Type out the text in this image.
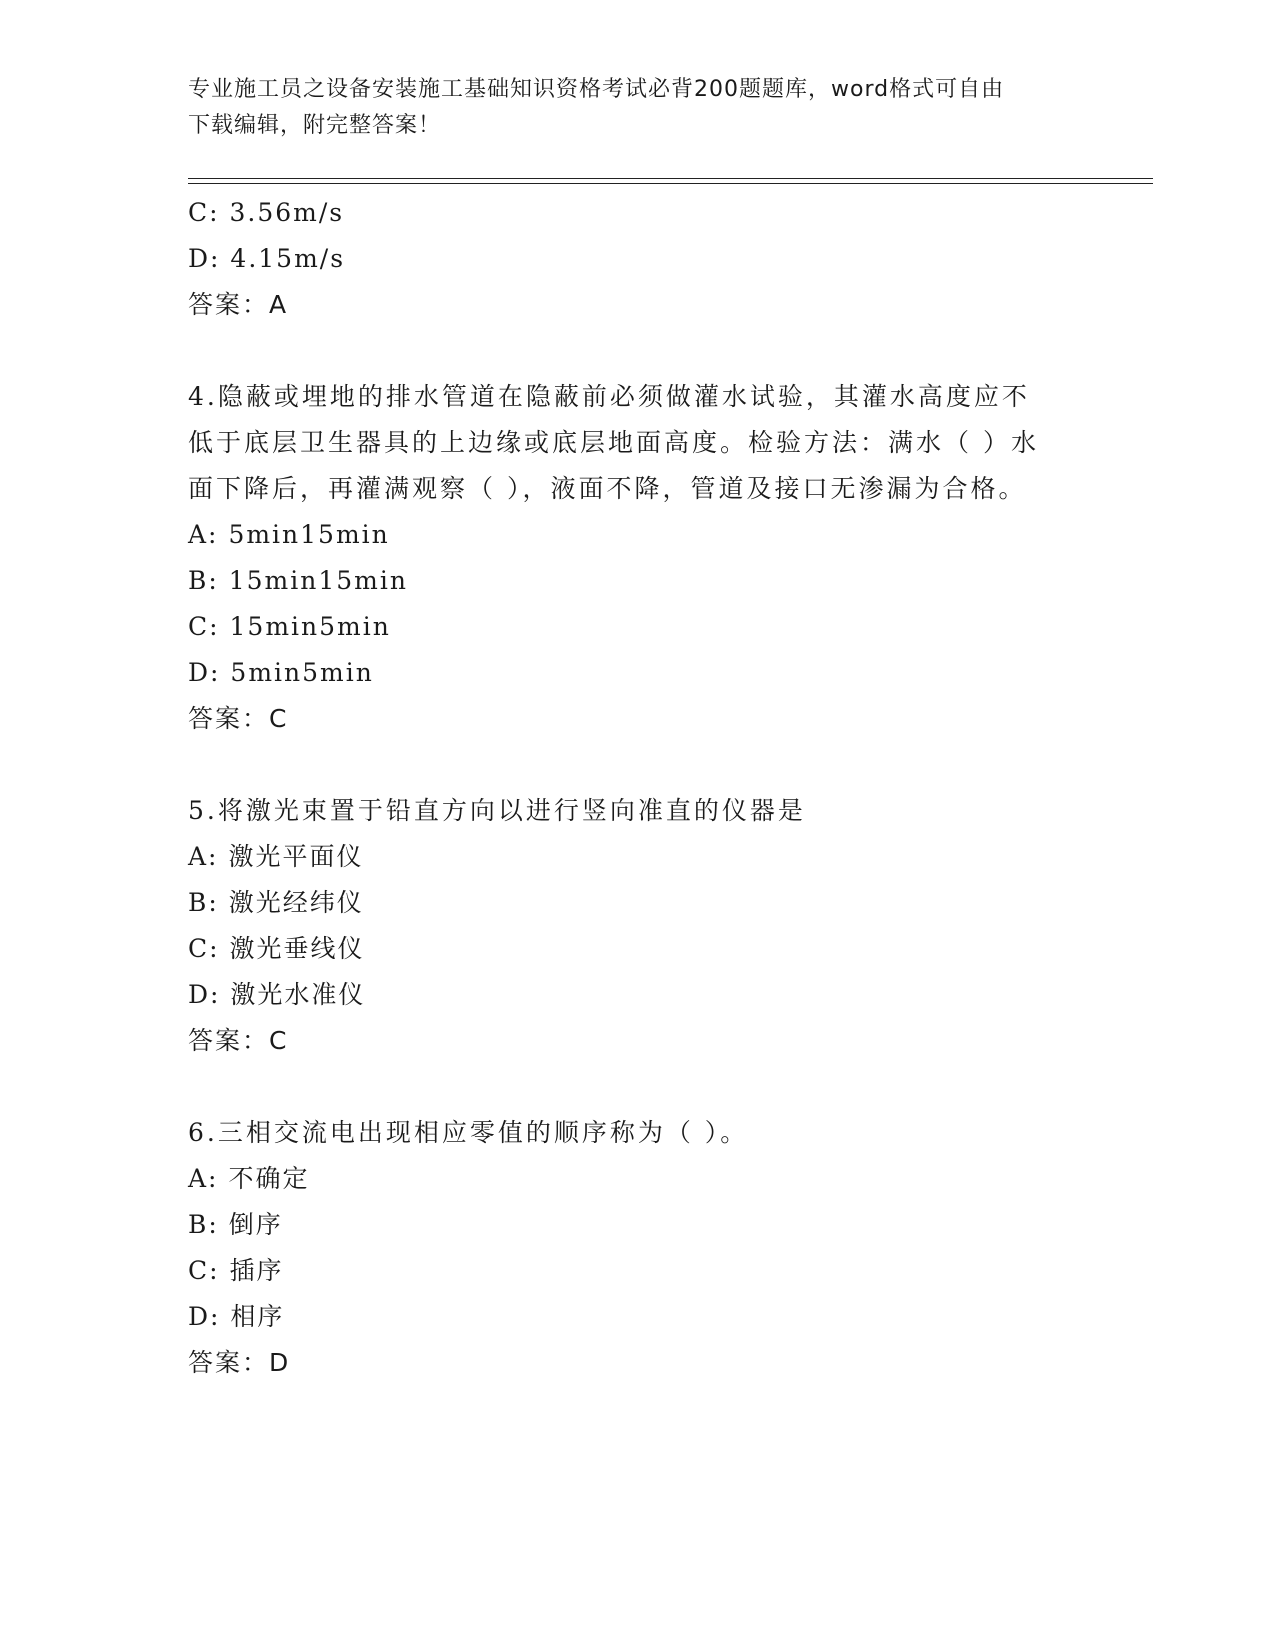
专业施工员之设备安装施工基础知识资格考试必背200题题库，word格式可自由
下载编辑，附完整答案！
C: 3.56m/s
D: 4.15m/s
答案：A
4.隐蔽或埋地的排水管道在隐蔽前必须做灌水试验，其灌水高度应不
低于底层卫生器具的上边缘或底层地面高度。检验方法：满水（ ）水
面下降后，再灌满观察（ ），液面不降，管道及接口无渗漏为合格。
A: 5min15min
B: 15min15min
C: 15min5min
D: 5min5min
答案：C
5.将激光束置于铅直方向以进行竖向准直的仪器是
A: 激光平面仪
B: 激光经纬仪
C: 激光垂线仪
D: 激光水准仪
答案：C
6.三相交流电出现相应零值的顺序称为（ ）。
A: 不确定
B: 倒序
C: 插序
D: 相序
答案：D
